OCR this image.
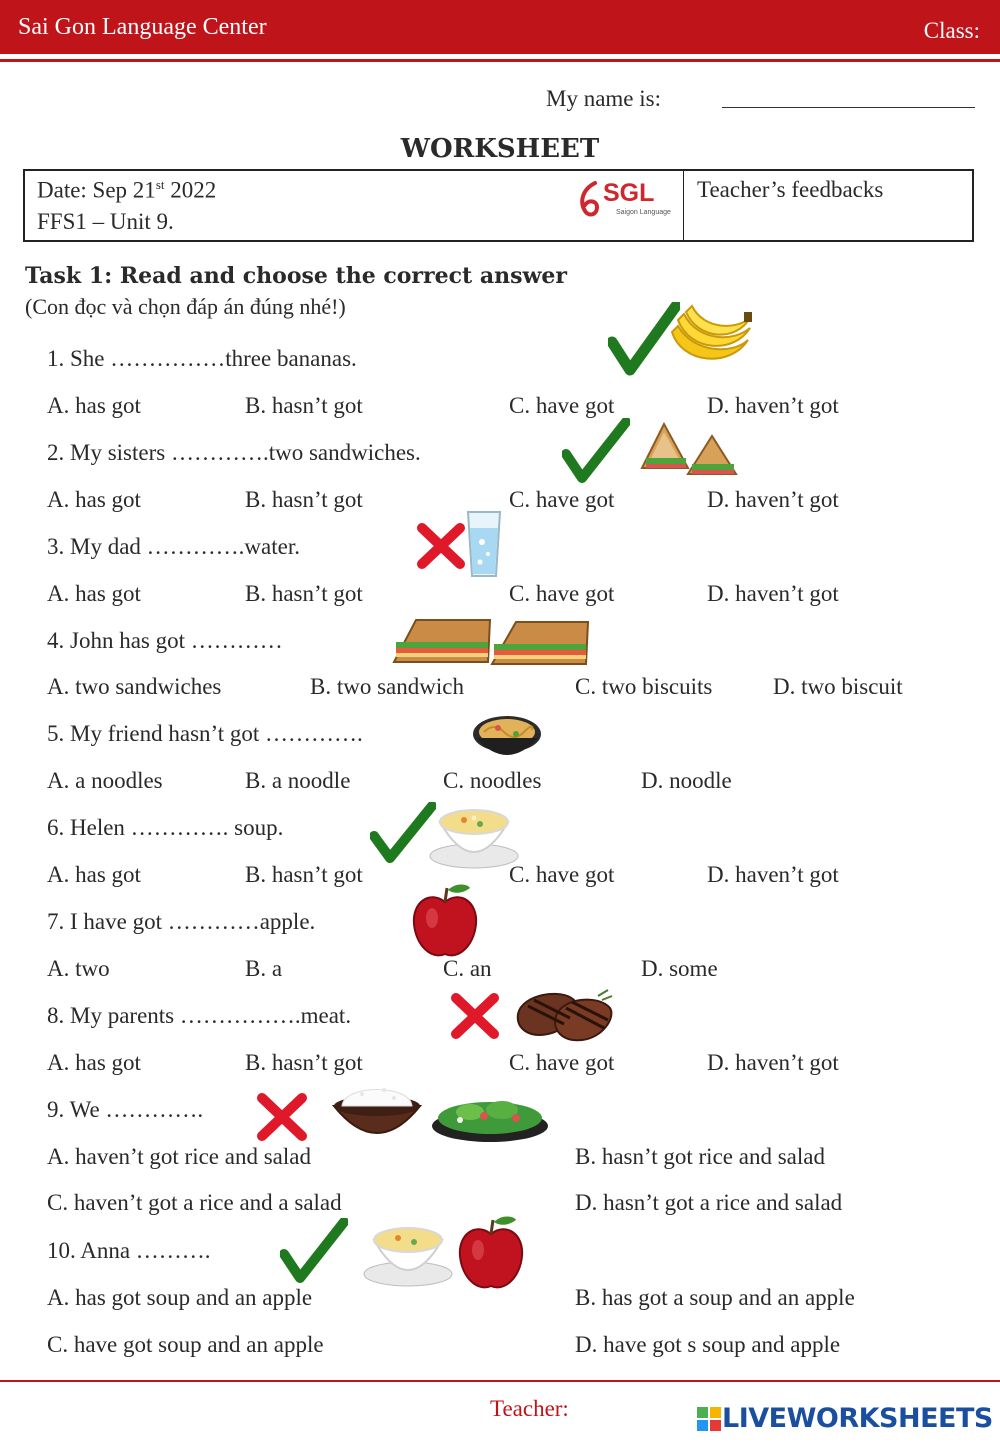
Sai Gon Language Center	Class:
My name is:
WORKSHEET
Date: Sep 21st 2022
FFS1 – Unit 9.
SGL
Saigon Language
Teacher’s feedbacks
Task 1: Read and choose the correct answer
(Con đọc và chọn đáp án đúng nhé!)
1. She ……………three bananas.
A. has got	B. hasn’t got	C. have got	D. haven’t got
2. My sisters ………….two sandwiches.
A. has got	B. hasn’t got	C. have got	D. haven’t got
3. My dad ………….water.
A. has got	B. hasn’t got	C. have got	D. haven’t got
4. John has got …………
A. two sandwiches	B. two sandwich	C. two biscuits	D. two biscuit
5. My friend hasn’t got ………….
A. a noodles	B. a noodle	C. noodles	D. noodle
6. Helen …………. soup.
A. has got	B. hasn’t got	C. have got	D. haven’t got
7. I have got …………apple.
A. two	B. a	C. an	D. some
8. My parents …………….meat.
A. has got	B. hasn’t got	C. have got	D. haven’t got
9. We ………….
A. haven’t got rice and salad	B. hasn’t got rice and salad
C. haven’t got a rice and a salad	D. hasn’t got a rice and salad
10. Anna ……….
A. has got soup and an apple	B. has got a soup and an apple
C. have got soup and an apple	D. have got s soup and apple
Teacher:	LIVEWORKSHEETS
